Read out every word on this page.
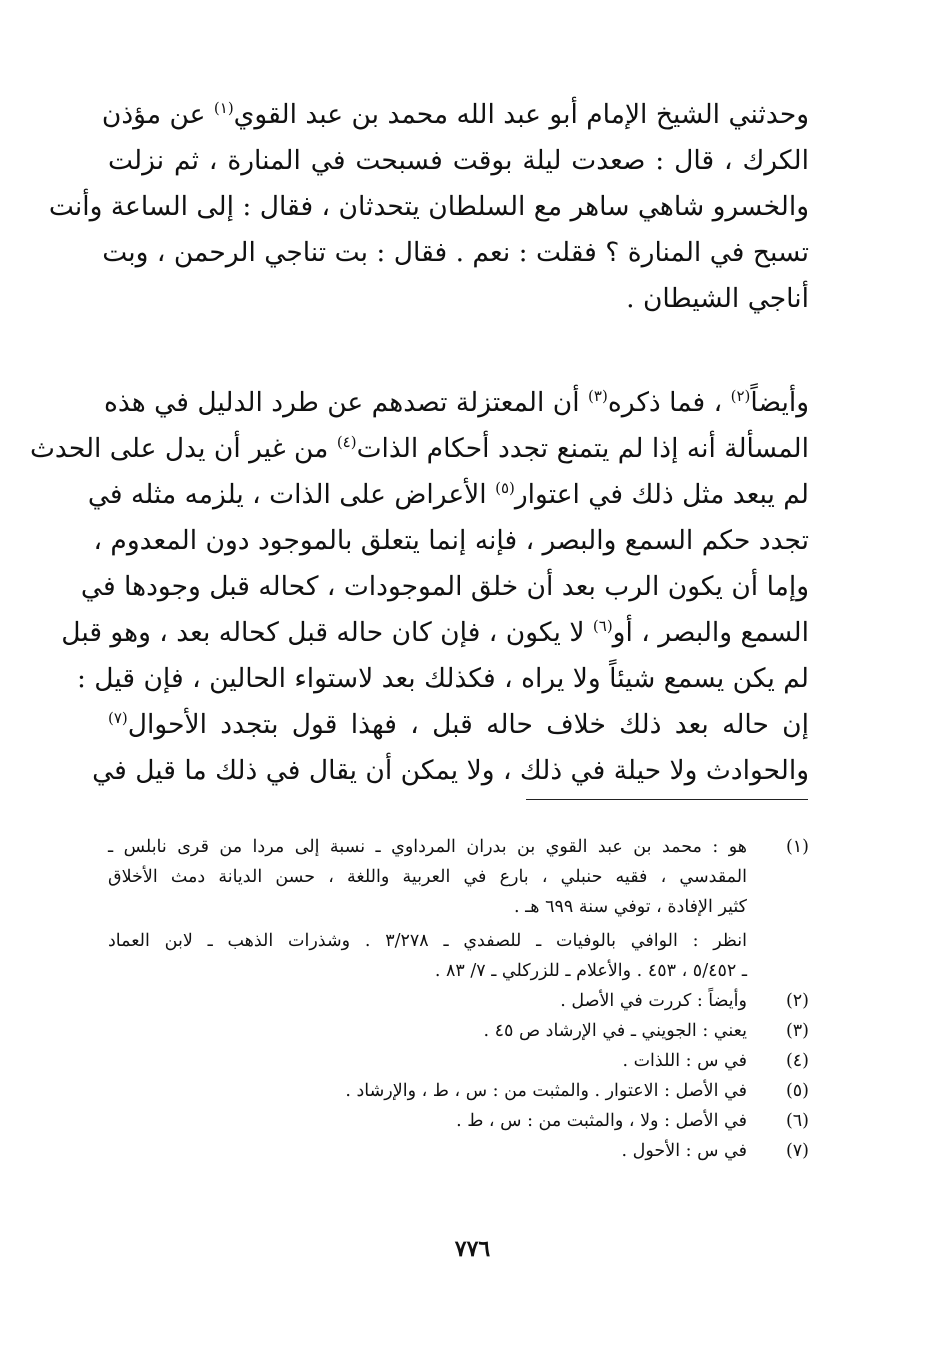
وحدثني الشيخ الإمام أبو عبد الله محمد بن عبد القوي$^{(١)}$ عن مؤذن
الكرك ، قال : صعدت ليلة بوقت فسبحت في المنارة ، ثم نزلت
والخسرو شاهي ساهر مع السلطان يتحدثان ، فقال : إلى الساعة وأنت
تسبح في المنارة ؟ فقلت : نعم . فقال : بت تناجي الرحمن ، وبت
أناجي الشيطان .
وأيضاً$^{(٢)}$ ، فما ذكره$^{(٣)}$ أن المعتزلة تصدهم عن طرد الدليل في هذه
المسألة أنه إذا لم يتمنع تجدد أحكام الذات$^{(٤)}$ من غير أن يدل على الحدث
لم يبعد مثل ذلك في اعتوار$^{(٥)}$ الأعراض على الذات ، يلزمه مثله في
تجدد حكم السمع والبصر ، فإنه إنما يتعلق بالموجود دون المعدوم ،
وإما أن يكون الرب بعد أن خلق الموجودات ، كحاله قبل وجودها في
السمع والبصر ، أو$^{(٦)}$ لا يكون ، فإن كان حاله قبل كحاله بعد ، وهو قبل
لم يكن يسمع شيئاً ولا يراه ، فكذلك بعد لاستواء الحالين ، فإن قيل :
إن حاله بعد ذلك خلاف حاله قبل ، فهذا قول بتجدد الأحوال$^{(٧)}$
والحوادث ولا حيلة في ذلك ، ولا يمكن أن يقال في ذلك ما قيل في
(١)
هو : محمد بن عبد القوي بن بدران المرداوي ـ نسبة إلى مردا من قرى نابلس ـ
المقدسي ، فقيه حنبلي ، بارع في العربية واللغة ، حسن الديانة دمث الأخلاق
كثير الإفادة ، توفي سنة ٦٩٩ هـ .
انظر : الوافي بالوفيات ـ للصفدي ـ ٣/٢٧٨ . وشذرات الذهب ـ لابن العماد
ـ ٥/٤٥٢ ، ٤٥٣ . والأعلام ـ للزركلي ـ ٧/ ٨٣ .
(٢)
وأيضاً : كررت في الأصل .
(٣)
يعني : الجويني ـ في الإرشاد ص ٤٥ .
(٤)
في س : اللذات .
(٥)
في الأصل : الاعتوار . والمثبت من : س ، ط ، والإرشاد .
(٦)
في الأصل : ولا ، والمثبت من : س ، ط .
(٧)
في س : الأحول .
٧٧٦
